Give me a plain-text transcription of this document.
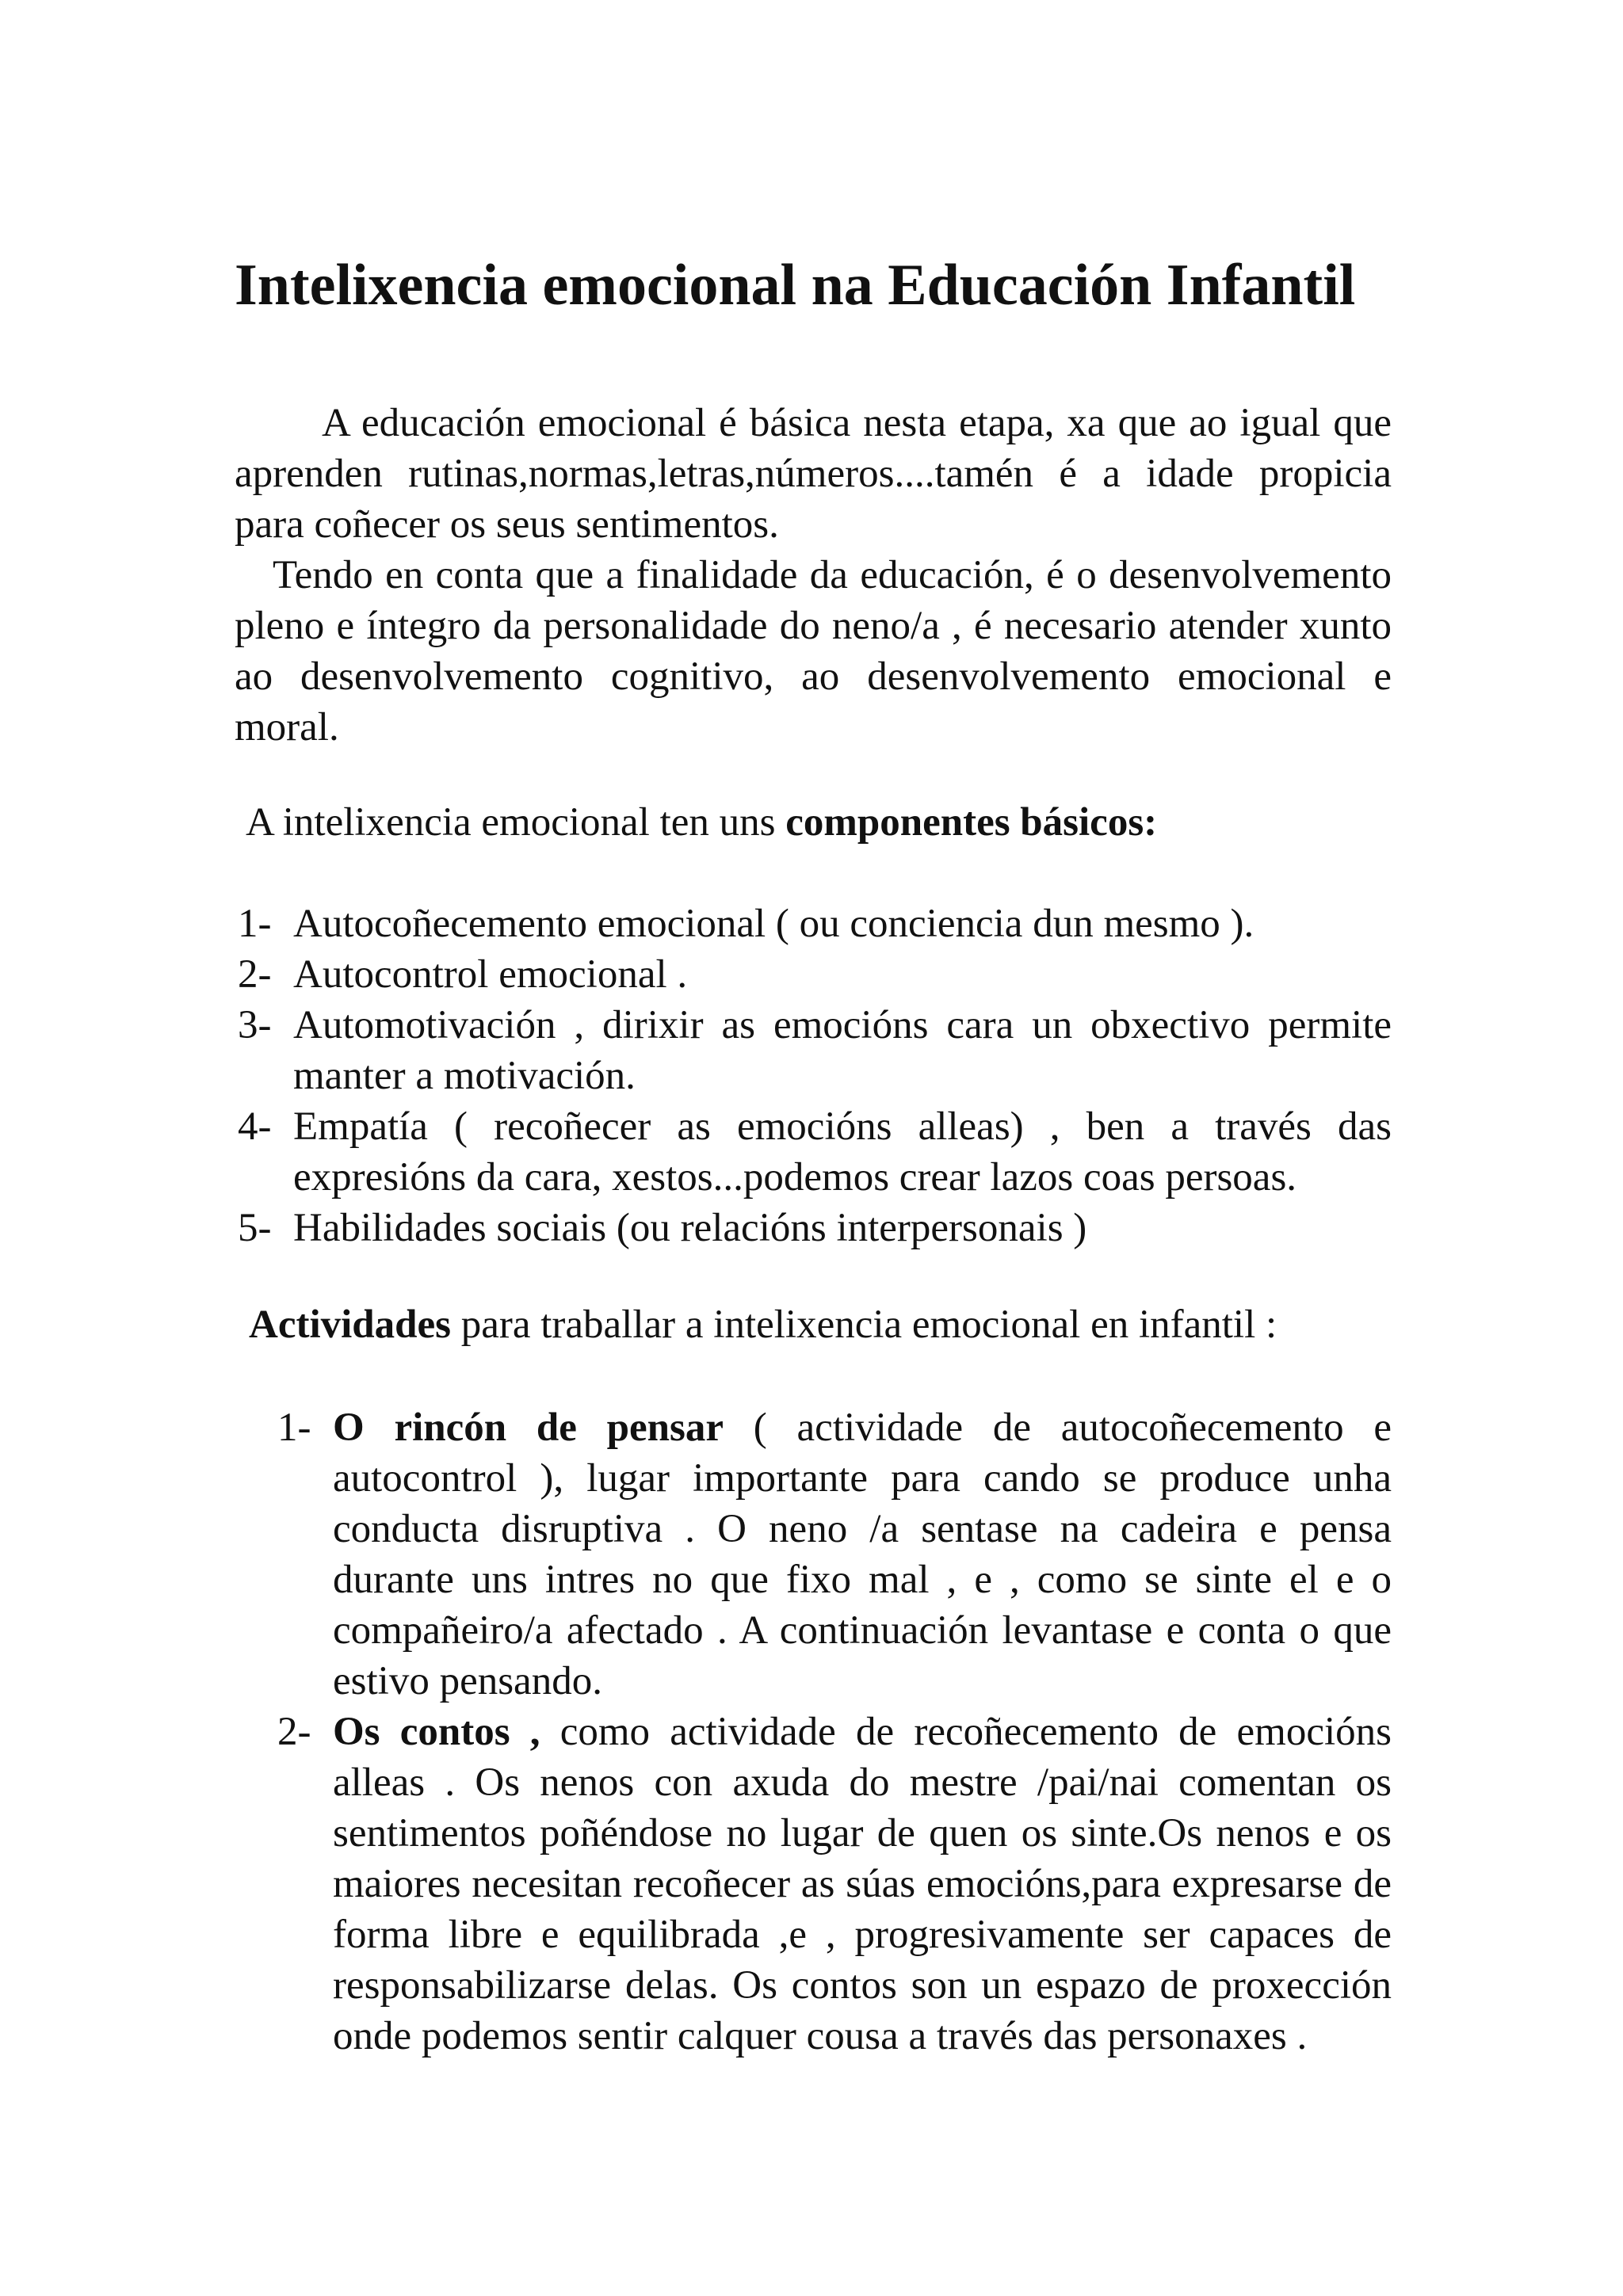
Intelixencia emocional na Educación Infantil

A educación emocional é básica nesta etapa, xa que ao igual que aprenden rutinas,normas,letras,números....tamén é a idade propicia para coñecer os seus sentimentos.

Tendo en conta que a finalidade da educación, é o desenvolvemento pleno e íntegro da personalidade do neno/a , é necesario atender xunto ao desenvolvemento cognitivo, ao desenvolvemento emocional e moral.

A intelixencia emocional ten uns componentes básicos:

1- Autocoñecemento emocional ( ou conciencia dun mesmo ).
2- Autocontrol emocional .
3- Automotivación , dirixir as emocións cara un obxectivo permite manter a motivación.
4- Empatía ( recoñecer as emocións alleas) , ben a través das expresións da cara, xestos...podemos crear lazos coas persoas.
5- Habilidades sociais (ou relacións interpersonais )

Actividades para traballar a intelixencia emocional en infantil :

1- O rincón de pensar ( actividade de autocoñecemento e autocontrol ), lugar importante para cando se produce unha conducta disruptiva . O neno /a sentase na cadeira e pensa durante uns intres no que fixo mal , e , como se sinte el e o compañeiro/a afectado . A continuación levantase e conta o que estivo pensando.
2- Os contos , como actividade de recoñecemento de emocións alleas . Os nenos con axuda do mestre /pai/nai comentan os sentimentos poñéndose no lugar de quen os sinte.Os nenos e os maiores necesitan recoñecer as súas emocións,para expresarse de forma libre e equilibrada ,e , progresivamente ser capaces de responsabilizarse delas. Os contos son un espazo de proxección onde podemos sentir calquer cousa a través das personaxes .
